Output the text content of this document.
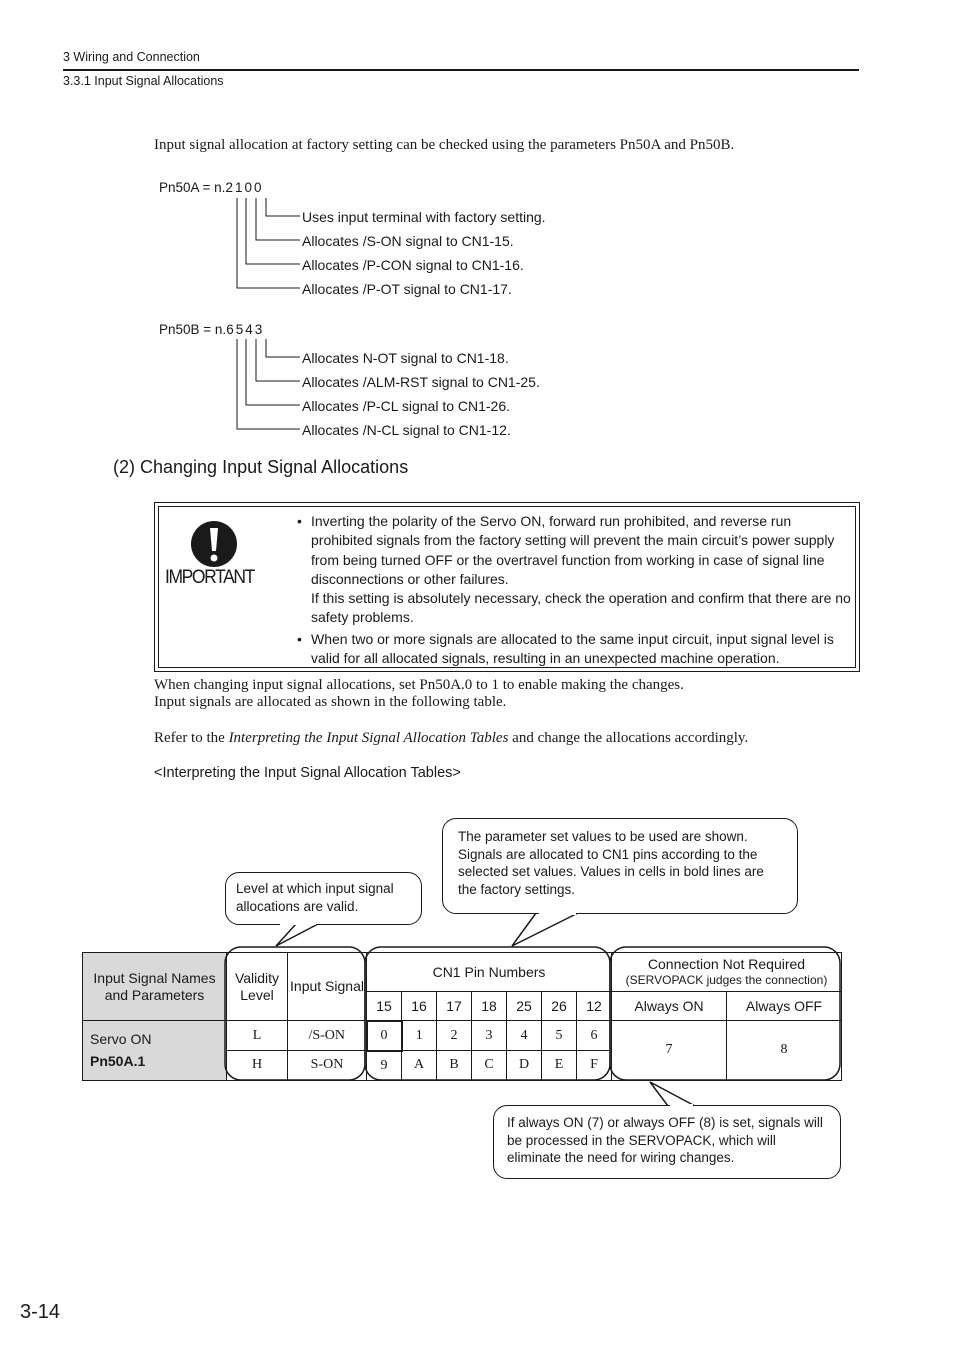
3 Wiring and Connection
3.3.1 Input Signal Allocations
Input signal allocation at factory setting can be checked using the parameters Pn50A and Pn50B.
Pn50A = n.2100
Uses input terminal with factory setting.
Allocates /S-ON signal to CN1-15.
Allocates /P-CON signal to CN1-16.
Allocates /P-OT signal to CN1-17.
Pn50B = n.6543
Allocates N-OT signal to CN1-18.
Allocates /ALM-RST signal to CN1-25.
Allocates /P-CL signal to CN1-26.
Allocates /N-CL signal to CN1-12.
(2) Changing Input Signal Allocations
IMPORTANT

• Inverting the polarity of the Servo ON, forward run prohibited, and reverse run prohibited signals from the factory setting will prevent the main circuit’s power supply from being turned OFF or the overtravel function from working in case of signal line disconnections or other failures.

If this setting is absolutely necessary, check the operation and confirm that there are no safety problems.

• When two or more signals are allocated to the same input circuit, input signal level is valid for all allocated signals, resulting in an unexpected machine operation.

When changing input signal allocations, set Pn50A.0 to 1 to enable making the changes.
Input signals are allocated as shown in the following table.
Refer to the Interpreting the Input Signal Allocation Tables and change the allocations accordingly.
<Interpreting the Input Signal Allocation Tables>
Input Signal Names and Parameters	Validity Level	Input Signal	CN1 Pin Numbers							Connection Not Required
(SERVOPACK judges the connection)	

			15	16	17	18	25	26	12	Always ON	Always OFF

Servo ON
Pn50A.1	L	/S-ON	0	1	2	3	4	5	6	7	8
	H	S-ON	9	A	B	C	D	E	F		
Level at which input signal allocations are valid.
The parameter set values to be used are shown. Signals are allocated to CN1 pins according to the selected set values. Values in cells in bold lines are the factory settings.
If always ON (7) or always OFF (8) is set, signals will be processed in the SERVOPACK, which will eliminate the need for wiring changes.
3-14
